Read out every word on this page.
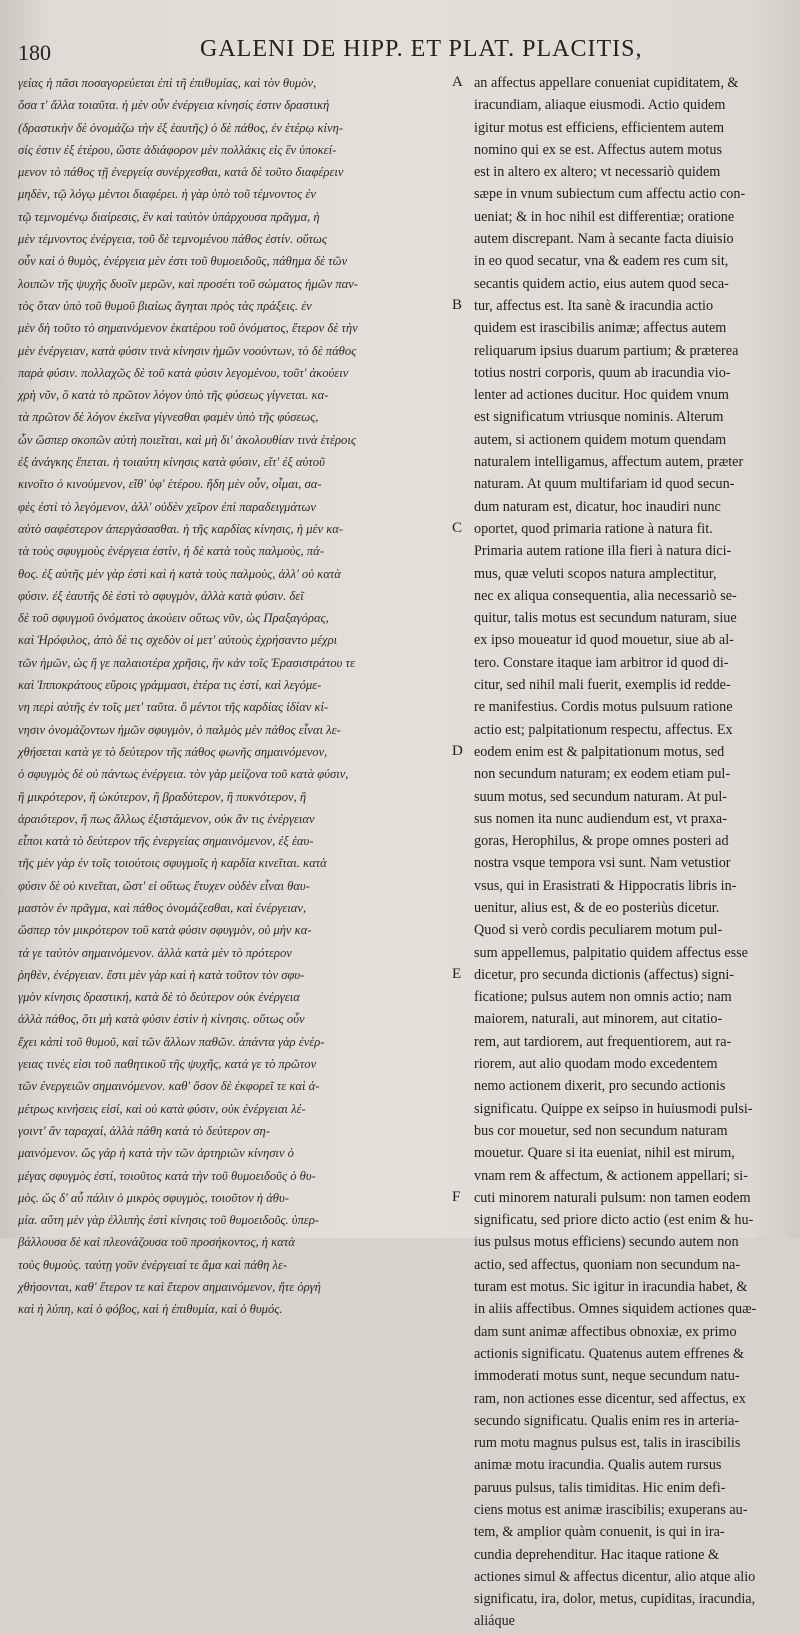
180	GALENI DE HIPP. ET PLAT. PLACITIS,
γείας ἡ πᾶσι ποσαγορεύεται ἐπὶ τῆ ἐπιθυμίας, καὶ τὸν θυμὸν,
ὅσα τ' ἄλλα τοιαῦτα. ἡ μὲν οὖν ἐνέργεια κίνησίς ἐστιν δραστική
(δραστικὴν δὲ ὀνομάζω τὴν ἐξ ἑαυτῆς) ὁ δὲ πάθος, ἐν ἑτέρῳ κίνη-
σίς ἐστιν ἐξ ἑτέρου, ὥστε ἀδιάφορον μὲν πολλάκις εἰς ἓν ὑποκεί-
μενον τὸ πάθος τῇ ἐνεργείᾳ συνέρχεσθαι, κατὰ δὲ τοῦτο διαφέρειν
μηδὲν, τῷ λόγῳ μέντοι διαφέρει. ἡ γὰρ ὑπὸ τοῦ τέμνοντος ἐν
τῷ τεμνομένῳ διαίρεσις, ἓν καὶ ταὐτὸν ὑπάρχουσα πρᾶγμα, ἡ
μὲν τέμνοντος ἐνέργεια, τοῦ δὲ τεμνομένου πάθος ἐστίν. οὕτως
οὖν καὶ ὁ θυμὸς, ἐνέργεια μὲν ἐστι τοῦ θυμοειδοῦς, πάθημα δὲ τῶν
λοιπῶν τῆς ψυχῆς δυοῖν μερῶν, καὶ προσέτι τοῦ σώματος ἡμῶν παν-
τὸς ὅταν ὑπὸ τοῦ θυμοῦ βιαίως ἄγηται πρὸς τὰς πράξεις. ἐν
μὲν δὴ τοῦτο τὸ σημαινόμενον ἑκατέρου τοῦ ὀνόματος, ἕτερον δὲ τὴν
μὲν ἐνέργειαν, κατὰ φύσιν τινὰ κίνησιν ἡμῶν νοούντων, τὸ δὲ πάθος
παρὰ φύσιν. πολλαχῶς δὲ τοῦ κατὰ φύσιν λεγομένου, τοῦτ' ἀκούειν
χρὴ νῦν, ὃ κατὰ τὸ πρῶτον λόγον ὑπὸ τῆς φύσεως γίγνεται. κα-
τὰ πρῶτον δὲ λόγον ἐκεῖνα γίγνεσθαι φαμὲν ὑπὸ τῆς φύσεως,
ὧν ὥσπερ σκοπῶν αὐτὴ ποιεῖται, καὶ μὴ δι' ἀκολουθίαν τινὰ ἑτέροις
ἐξ ἀνάγκης ἕπεται. ἡ τοιαύτη κίνησις κατὰ φύσιν, εἴτ' ἐξ αὑτοῦ
κινοῖτο ὁ κινούμενον, εἴθ' ὑφ' ἑτέρου. ἤδη μὲν οὖν, οἶμαι, σα-
φὲς ἐστὶ τὸ λεγόμενον, ἀλλ' οὐδὲν χεῖρον ἐπὶ παραδειγμάτων
αὐτὸ σαφέστερον ἀπεργάσασθαι. ἡ τῆς καρδίας κίνησις, ἡ μὲν κα-
τὰ τοὺς σφυγμοὺς ἐνέργεια ἐστίν, ἡ δὲ κατὰ τοὺς παλμοὺς, πά-
θος. ἐξ αὐτῆς μὲν γὰρ ἐστὶ καὶ ἡ κατὰ τοὺς παλμοὺς, ἀλλ' οὐ κατὰ
φύσιν. ἐξ ἑαυτῆς δὲ ἐστὶ τὸ σφυγμὸν, ἀλλὰ κατὰ φύσιν. δεῖ
δὲ τοῦ σφυγμοῦ ὀνόματος ἀκούειν οὕτως νῦν, ὡς Πραξαγόρας,
καὶ Ἡρόφιλος, ἀπὸ δὲ τις σχεδὸν οἱ μετ' αὐτοὺς ἐχρήσαντο μέχρι
τῶν ἡμῶν, ὡς ἥ γε παλαιοτέρα χρῆσις, ἣν κἀν τοῖς Ἐρασιστράτου τε
καὶ Ἱπποκράτους εὕροις γράμμασι, ἑτέρα τις ἐστί, καὶ λεγόμε-
νη περὶ αὐτῆς ἐν τοῖς μετ' ταῦτα. ὅ μέντοι τῆς καρδίας ἰδίαν κί-
νησιν ὀνομάζοντων ἡμῶν σφυγμὸν, ὁ παλμὸς μὲν πάθος εἶναι λε-
χθήσεται κατὰ γε τὸ δεύτερον τῆς πάθος φωνῆς σημαινόμενον,
ὁ σφυγμὸς δὲ οὐ πάντως ἐνέργεια. τὸν γὰρ μείζονα τοῦ κατὰ φύσιν,
ἢ μικρότερον, ἢ ὠκύτερον, ἢ βραδύτερον, ἢ πυκνότερον, ἢ
ἀραιότερον, ἢ πως ἄλλως ἐξιστάμενον, οὐκ ἄν τις ἐνέργειαν
εἶποι κατὰ τὸ δεύτερον τῆς ἐνεργείας σημαινόμενον, ἐξ ἑαυ-
τῆς μὲν γὰρ ἐν τοῖς τοιούτοις σφυγμοῖς ἡ καρδία κινεῖται. κατὰ
φύσιν δὲ οὐ κινεῖται, ὥστ' εἰ οὕτως ἔτυχεν οὐδὲν εἶναι θαυ-
μαστὸν ἐν πρᾶγμα, καὶ πάθος ὀνομάζεσθαι, καὶ ἐνέργειαν,
ὥσπερ τὸν μικρότερον τοῦ κατὰ φύσιν σφυγμὸν, οὐ μὴν κα-
τά γε ταὐτὸν σημαινόμενον. ἀλλὰ κατὰ μὲν τὸ πρότερον
ῥηθὲν, ἐνέργειαν. ἔστι μὲν γὰρ καὶ ἡ κατὰ τοῦτον τὸν σφυ-
γμὸν κίνησις δραστική, κατὰ δὲ τὸ δεύτερον οὐκ ἐνέργεια
ἀλλὰ πάθος, ὅτι μὴ κατὰ φύσιν ἐστὶν ἡ κίνησις. οὕτως οὖν
ἔχει κἀπὶ τοῦ θυμοῦ, καὶ τῶν ἄλλων παθῶν. ἁπάντα γὰρ ἐνέρ-
γειας τινὲς εἰσι τοῦ παθητικοῦ τῆς ψυχῆς, κατά γε τὸ πρῶτον
τῶν ἐνεργειῶν σημαινόμενον. καθ' ὅσον δὲ ἐκφορεῖ τε καὶ ἀ-
μέτρως κινήσεις εἰσί, καὶ οὐ κατὰ φύσιν, οὐκ ἐνέργειαι λέ-
γοιντ' ἂν ταραχαί, ἀλλὰ πάθη κατὰ τὸ δεύτερον ση-
μαινόμενον. ὥς γάρ ἡ κατὰ τὴν τῶν ἀρτηριῶν κίνησιν ὁ
μέγας σφυγμὸς ἐστί, τοιοῦτος κατὰ τὴν τοῦ θυμοειδοῦς ὁ θυ-
μὸς. ὥς δ' αὖ πάλιν ὁ μικρὸς σφυγμὸς, τοιοῦτον ἡ ἀθυ-
μία. αὕτη μὲν γὰρ ἐλλιπὴς ἐστὶ κίνησις τοῦ θυμοειδοῦς. ὑπερ-
βάλλουσα δὲ καὶ πλεονάζουσα τοῦ προσήκοντος, ἡ κατὰ
τοὺς θυμοὺς. ταύτῃ γοῦν ἐνέργειαί τε ἅμα καὶ πάθη λε-
χθήσονται, καθ' ἕτερον τε καὶ ἕτερον σημαινόμενον, ἥτε ὀργή
καὶ ἡ λύπη, καὶ ὁ φόβος, καὶ ἡ ἐπιθυμία, καὶ ὁ θυμός.
A
B
C
D
E
F
an affectus appellare conueniat cupiditatem, &
iracundiam, aliaque eiusmodi. Actio quidem
igitur motus est efficiens, efficientem autem
nomino qui ex se est. Affectus autem motus
est in altero ex altero; vt necessariò quidem
sæpe in vnum subiectum cum affectu actio con-
ueniat; & in hoc nihil est differentiæ; oratione
autem discrepant. Nam à secante facta diuisio
in eo quod secatur, vna & eadem res cum sit,
secantis quidem actio, eius autem quod seca-
tur, affectus est. Ita sanè & iracundia actio
quidem est irascibilis animæ; affectus autem
reliquarum ipsius duarum partium; & præterea
totius nostri corporis, quum ab iracundia vio-
lenter ad actiones ducitur. Hoc quidem vnum
est significatum vtriusque nominis. Alterum
autem, si actionem quidem motum quendam
naturalem intelligamus, affectum autem, præter
naturam. At quum multifariam id quod secun-
dum naturam est, dicatur, hoc inaudiri nunc
oportet, quod primaria ratione à natura fit.
Primaria autem ratione illa fieri à natura dici-
mus, quæ veluti scopos natura amplectitur,
nec ex aliqua consequentia, alia necessariò se-
quitur, talis motus est secundum naturam, siue
ex ipso moueatur id quod mouetur, siue ab al-
tero. Constare itaque iam arbitror id quod di-
citur, sed nihil mali fuerit, exemplis id redde-
re manifestius. Cordis motus pulsuum ratione
actio est; palpitationum respectu, affectus. Ex
eodem enim est & palpitationum motus, sed
non secundum naturam; ex eodem etiam pul-
suum motus, sed secundum naturam. At pul-
sus nomen ita nunc audiendum est, vt praxa-
goras, Herophilus, & prope omnes posteri ad
nostra vsque tempora vsi sunt. Nam vetustior
vsus, qui in Erasistrati & Hippocratis libris in-
uenitur, alius est, & de eo posteriùs dicetur.
Quod si verò cordis peculiarem motum pul-
sum appellemus, palpitatio quidem affectus esse
dicetur, pro secunda dictionis (affectus) signi-
ficatione; pulsus autem non omnis actio; nam
maiorem, naturali, aut minorem, aut citatio-
rem, aut tardiorem, aut frequentiorem, aut ra-
riorem, aut alio quodam modo excedentem
nemo actionem dixerit, pro secundo actionis
significatu. Quippe ex seipso in huiusmodi pulsi-
bus cor mouetur, sed non secundum naturam
mouetur. Quare si ita eueniat, nihil est mirum,
vnam rem & affectum, & actionem appellari; si-
cuti minorem naturali pulsum: non tamen eodem
significatu, sed priore dicto actio (est enim & hu-
ius pulsus motus efficiens) secundo autem non
actio, sed affectus, quoniam non secundum na-
turam est motus. Sic igitur in iracundia habet, &
in aliis affectibus. Omnes siquidem actiones quæ-
dam sunt animæ affectibus obnoxiæ, ex primo
actionis significatu. Quatenus autem effrenes &
immoderati motus sunt, neque secundum natu-
ram, non actiones esse dicentur, sed affectus, ex
secundo significatu. Qualis enim res in arteria-
rum motu magnus pulsus est, talis in irascibilis
animæ motu iracundia. Qualis autem rursus
paruus pulsus, talis timiditas. Hic enim defi-
ciens motus est animæ irascibilis; exuperans au-
tem, & amplior quàm conuenit, is qui in ira-
cundia deprehenditur. Hac itaque ratione &
actiones simul & affectus dicentur, alio atque alio
significatu, ira, dolor, metus, cupiditas, iracundia,
aliáque
